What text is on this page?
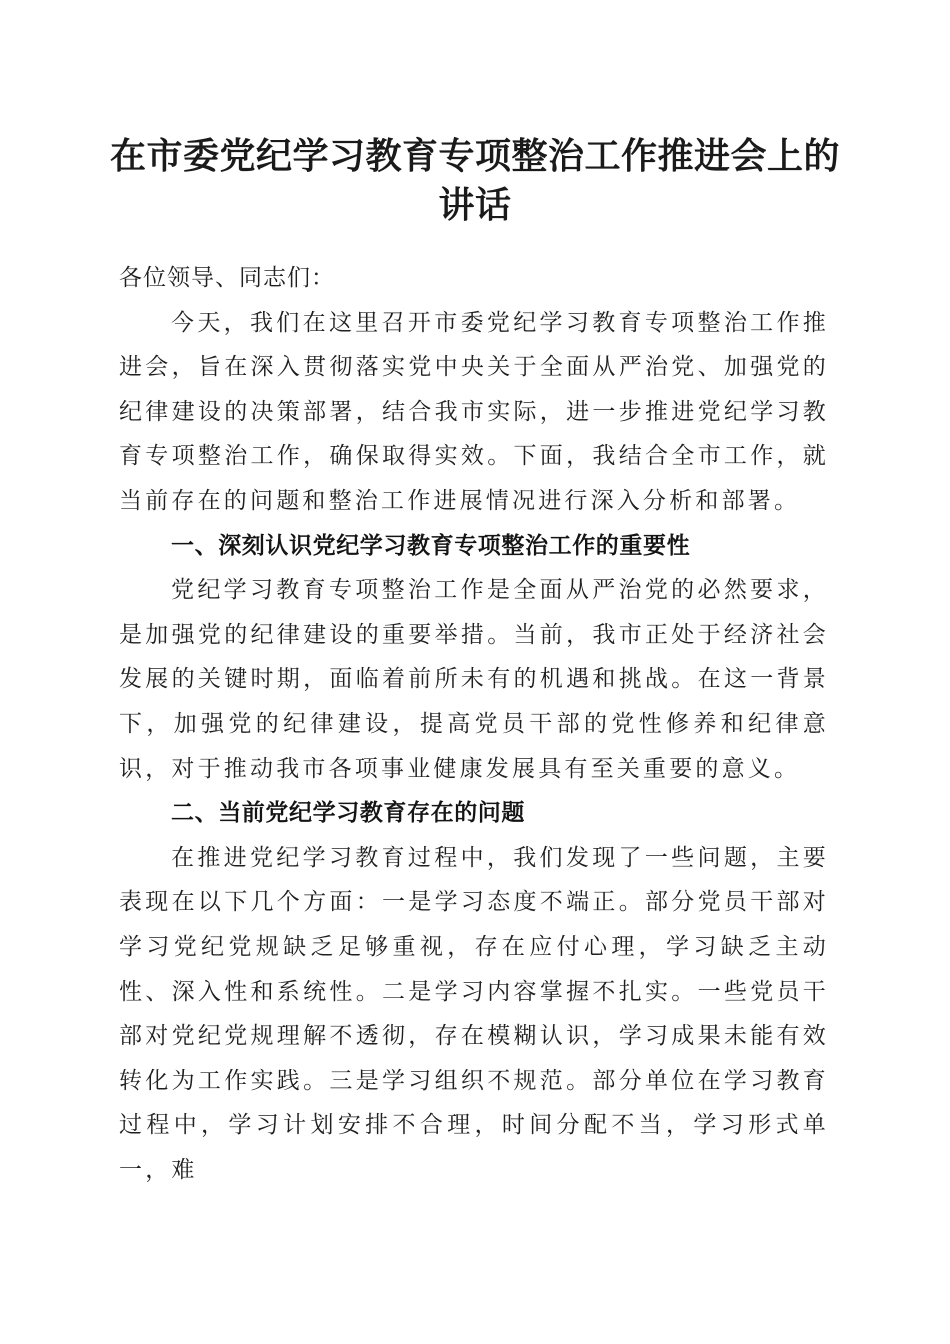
在市委党纪学习教育专项整治工作推进会上的
讲话

各位领导、同志们：

今天，我们在这里召开市委党纪学习教育专项整治工作推进会，旨在深入贯彻落实党中央关于全面从严治党、加强党的纪律建设的决策部署，结合我市实际，进一步推进党纪学习教育专项整治工作，确保取得实效。下面，我结合全市工作，就当前存在的问题和整治工作进展情况进行深入分析和部署。

一、深刻认识党纪学习教育专项整治工作的重要性

党纪学习教育专项整治工作是全面从严治党的必然要求，是加强党的纪律建设的重要举措。当前，我市正处于经济社会发展的关键时期，面临着前所未有的机遇和挑战。在这一背景下，加强党的纪律建设，提高党员干部的党性修养和纪律意识，对于推动我市各项事业健康发展具有至关重要的意义。

二、当前党纪学习教育存在的问题

在推进党纪学习教育过程中，我们发现了一些问题，主要表现在以下几个方面：一是学习态度不端正。部分党员干部对学习党纪党规缺乏足够重视，存在应付心理，学习缺乏主动性、深入性和系统性。二是学习内容掌握不扎实。一些党员干部对党纪党规理解不透彻，存在模糊认识，学习成果未能有效转化为工作实践。三是学习组织不规范。部分单位在学习教育过程中，学习计划安排不合理，时间分配不当，学习形式单一，难
